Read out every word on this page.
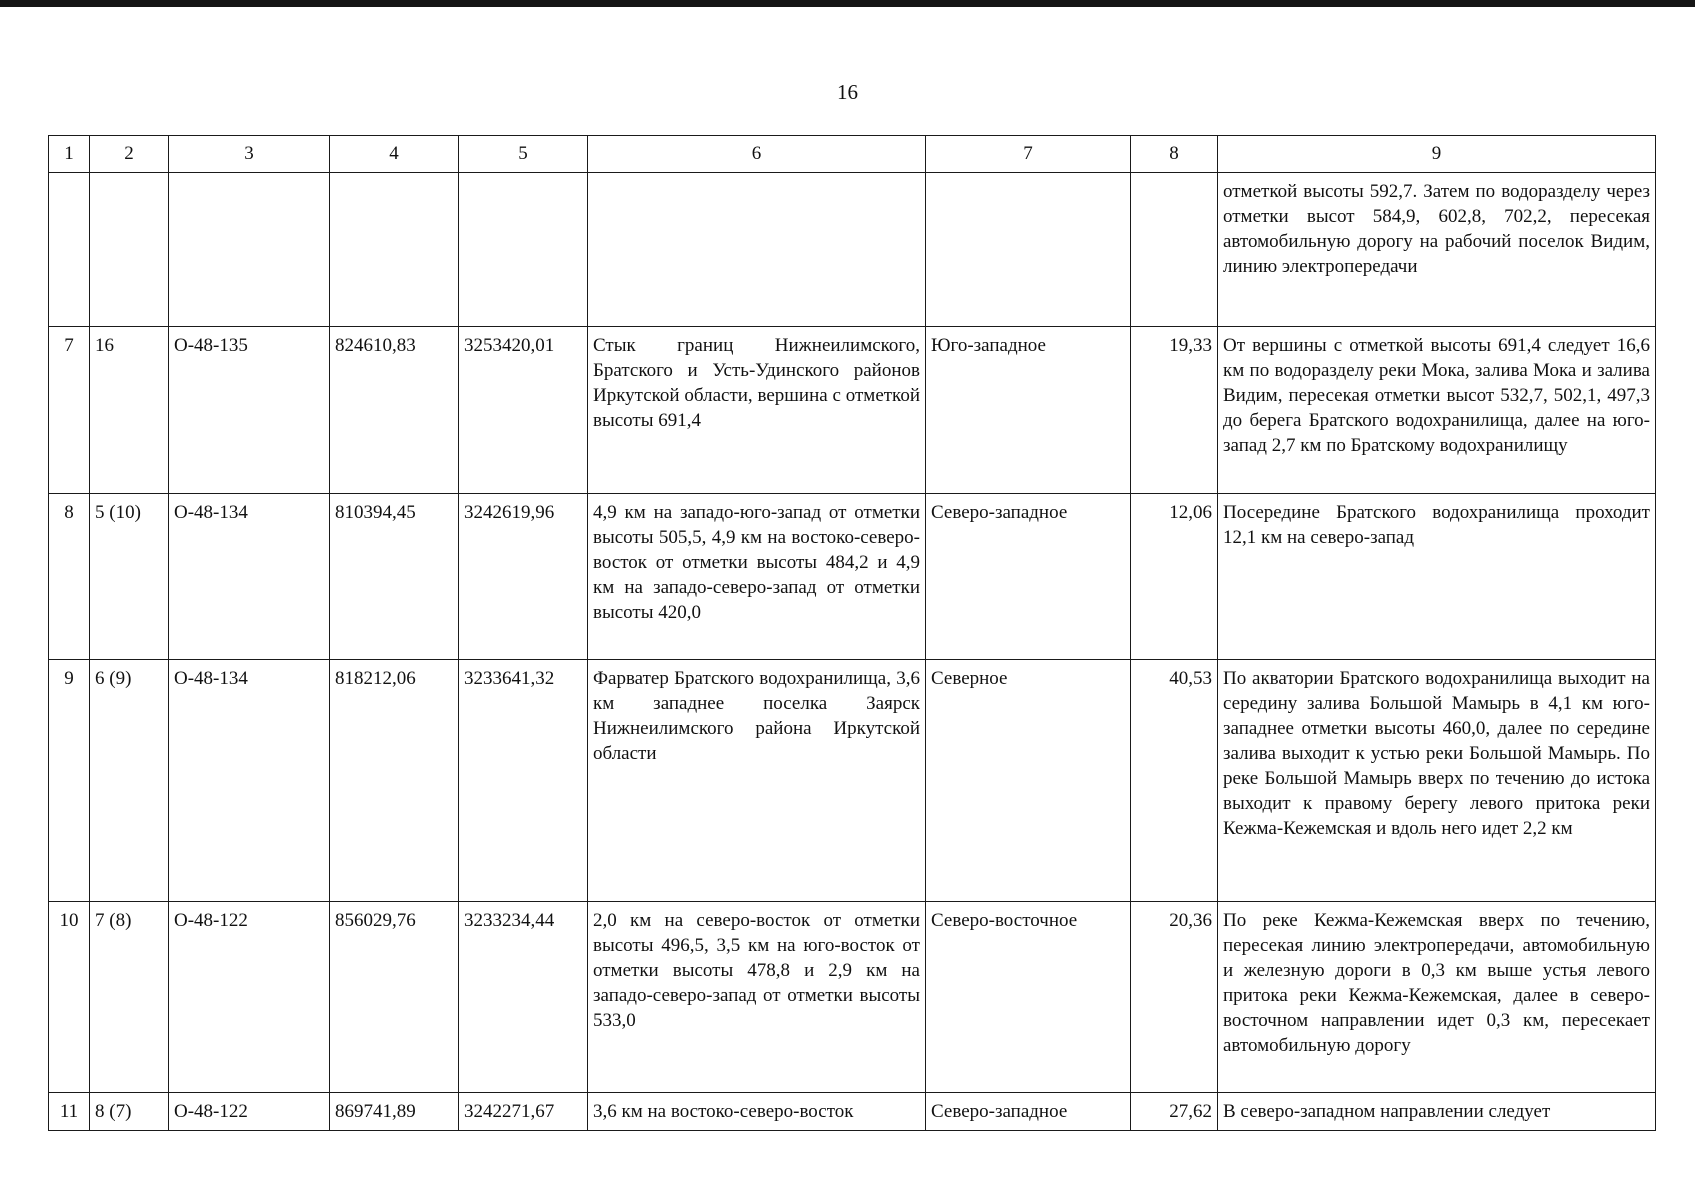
16
1	2	3	4	5	6	7	8	9
								отметкой высоты 592,7. Затем по водоразделу через отметки высот 584,9, 602,8, 702,2, пересекая автомобильную дорогу на рабочий поселок Видим, линию электропередачи
7	16	О-48-135	824610,83	3253420,01	Стык границ Нижнеилимского, Братского и Усть-Удинского районов Иркутской области, вершина с отметкой высоты 691,4	Юго-западное	19,33	От вершины с отметкой высоты 691,4 следует 16,6 км по водоразделу реки Мока, залива Мока и залива Видим, пересекая отметки высот 532,7, 502,1, 497,3 до берега Братского водохранилища, далее на юго-запад 2,7 км по Братскому водохранилищу
8	5 (10)	О-48-134	810394,45	3242619,96	4,9 км на западо-юго-запад от отметки высоты 505,5, 4,9 км на востоко-северо-восток от отметки высоты 484,2 и 4,9 км на западо-северо-запад от отметки высоты 420,0	Северо-западное	12,06	Посередине Братского водохранилища проходит 12,1 км на северо-запад
9	6 (9)	О-48-134	818212,06	3233641,32	Фарватер Братского водохранилища, 3,6 км западнее поселка Заярск Нижнеилимского района Иркутской области	Северное	40,53	По акватории Братского водохранилища выходит на середину залива Большой Мамырь в 4,1 км юго-западнее отметки высоты 460,0, далее по середине залива выходит к устью реки Большой Мамырь. По реке Большой Мамырь вверх по течению до истока выходит к правому берегу левого притока реки Кежма-Кежемская и вдоль него идет 2,2 км
10	7 (8)	О-48-122	856029,76	3233234,44	2,0 км на северо-восток от отметки высоты 496,5, 3,5 км на юго-восток от отметки высоты 478,8 и 2,9 км на западо-северо-запад от отметки высоты 533,0	Северо-восточное	20,36	По реке Кежма-Кежемская вверх по течению, пересекая линию электропередачи, автомобильную и железную дороги в 0,3 км выше устья левого притока реки Кежма-Кежемская, далее в северо-восточном направлении идет 0,3 км, пересекает автомобильную дорогу
11	8 (7)	О-48-122	869741,89	3242271,67	3,6 км на востоко-северо-восток	Северо-западное	27,62	В северо-западном направлении следует
